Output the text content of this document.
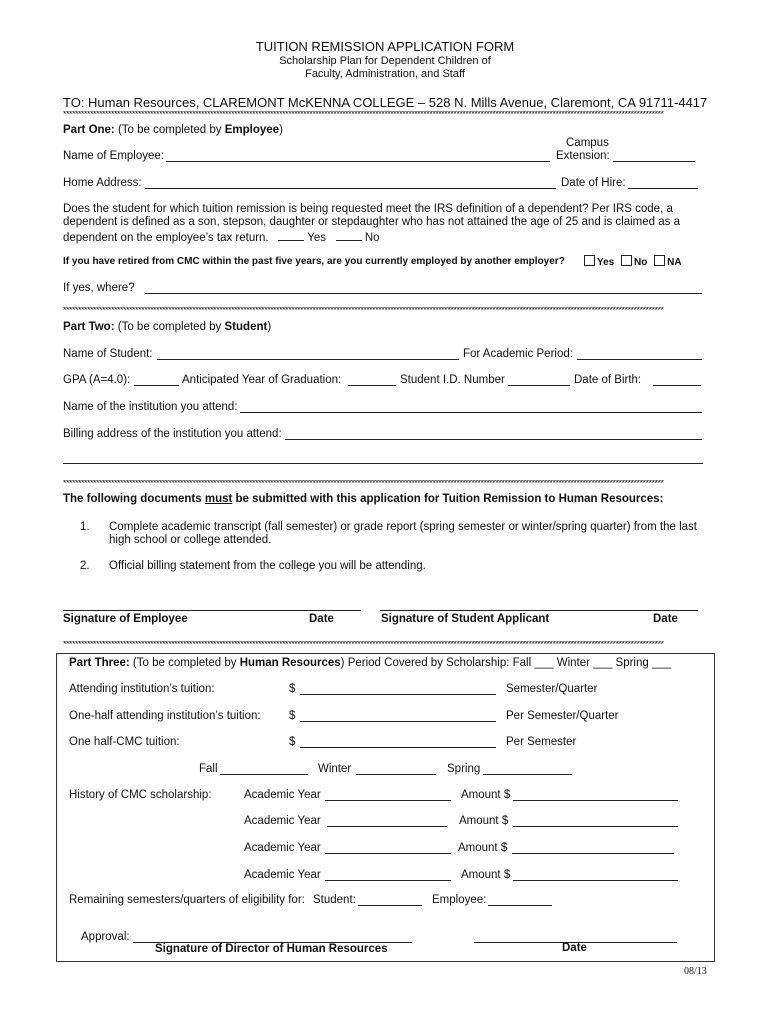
TUITION REMISSION APPLICATION FORM
Scholarship Plan for Dependent Children of
Faculty, Administration, and Staff
TO: Human Resources, CLAREMONT McKENNA COLLEGE – 528 N. Mills Avenue, Claremont, CA 91711-4417
********************************************************************************************************************************************************************************************************
Part One: (To be completed by Employee)
Campus
Name of Employee:	Extension:
Home Address:	Date of Hire:
Does the student for which tuition remission is being requested meet the IRS definition of a dependent? Per IRS code, a
dependent is defined as a son, stepson, daughter or stepdaughter who has not attained the age of 25 and is claimed as a
dependent on the employee’s tax return.	Yes	No
If you have retired from CMC within the past five years, are you currently employed by another employer?	Yes No NA
If yes, where?
********************************************************************************************************************************************************************************************************
Part Two: (To be completed by Student)
Name of Student:	For Academic Period:
GPA (A=4.0):	Anticipated Year of Graduation:	Student I.D. Number	Date of Birth:
Name of the institution you attend:
Billing address of the institution you attend:
********************************************************************************************************************************************************************************************************
The following documents must be submitted with this application for Tuition Remission to Human Resources:
1. Complete academic transcript (fall semester) or grade report (spring semester or winter/spring quarter) from the last
high school or college attended.
2. Official billing statement from the college you will be attending.
Signature of Employee	Date	Signature of Student Applicant	Date
********************************************************************************************************************************************************************************************************
Part Three: (To be completed by Human Resources) Period Covered by Scholarship: Fall ___ Winter ___ Spring ___
Attending institution’s tuition:	$	Semester/Quarter
One-half attending institution’s tuition: $	Per Semester/Quarter
One half-CMC tuition:	$	Per Semester
Fall	Winter	Spring
History of CMC scholarship:	Academic Year	Amount $
Academic Year	Amount $
Academic Year	Amount $
Academic Year	Amount $
Remaining semesters/quarters of eligibility for: Student:	Employee:
Approval:
Signature of Director of Human Resources	Date
08/13
